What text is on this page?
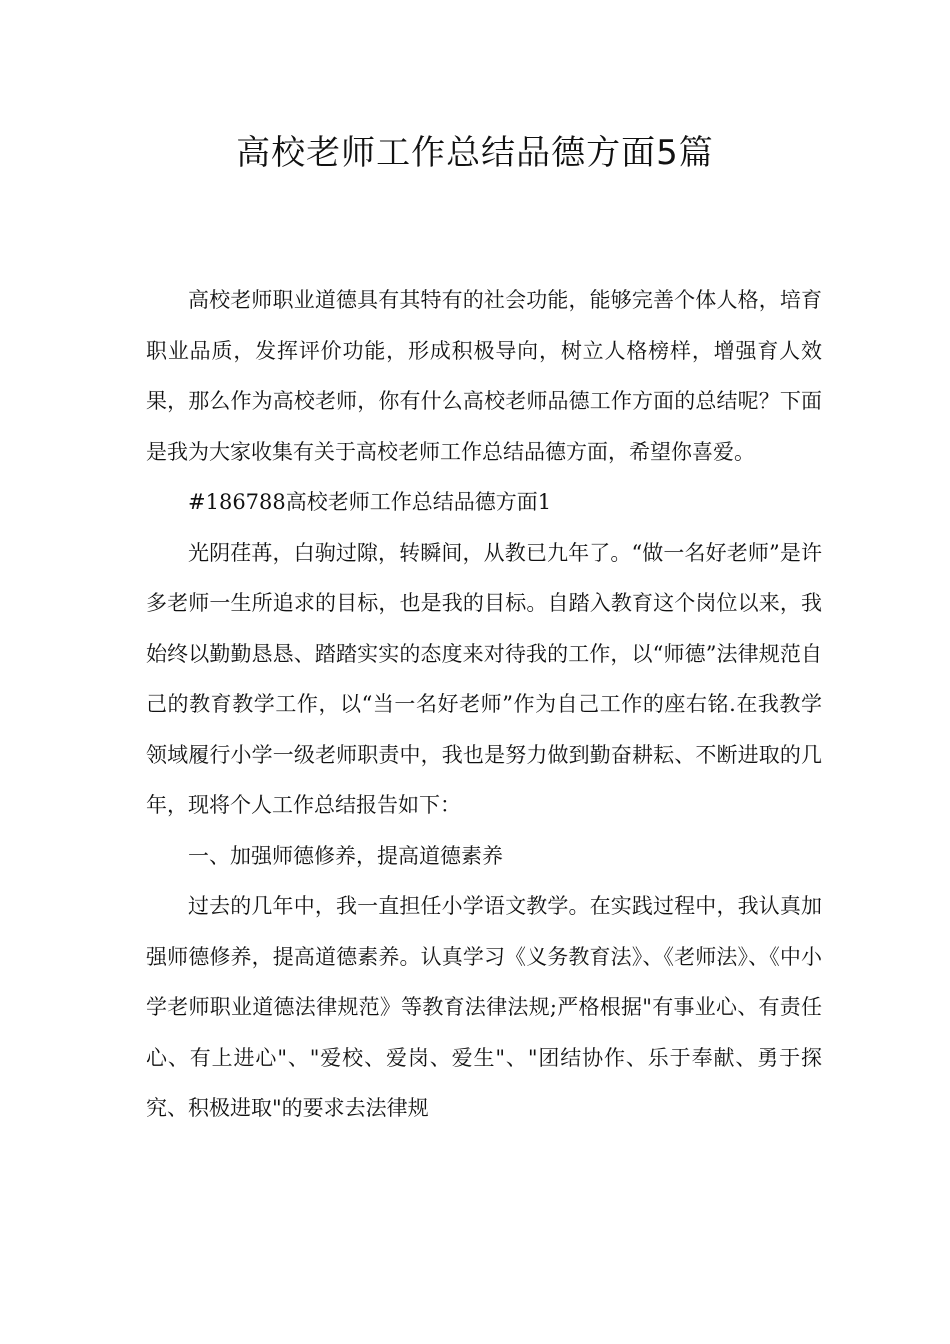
高校老师工作总结品德方面5篇

高校老师职业道德具有其特有的社会功能，能够完善个体人格，培育职业品质，发挥评价功能，形成积极导向，树立人格榜样，增强育人效果，那么作为高校老师，你有什么高校老师品德工作方面的总结呢？下面是我为大家收集有关于高校老师工作总结品德方面，希望你喜爱。

#186788高校老师工作总结品德方面1

光阴荏苒，白驹过隙，转瞬间，从教已九年了。“做一名好老师”是许多老师一生所追求的目标，也是我的目标。自踏入教育这个岗位以来，我始终以勤勤恳恳、踏踏实实的态度来对待我的工作，以“师德”法律规范自己的教育教学工作，以“当一名好老师”作为自己工作的座右铭.在我教学领域履行小学一级老师职责中，我也是努力做到勤奋耕耘、不断进取的几年，现将个人工作总结报告如下：

一、加强师德修养，提高道德素养

过去的几年中，我一直担任小学语文教学。在实践过程中，我认真加强师德修养，提高道德素养。认真学习《义务教育法》、《老师法》、《中小学老师职业道德法律规范》等教育法律法规;严格根据"有事业心、有责任心、有上进心"、"爱校、爱岗、爱生"、"团结协作、乐于奉献、勇于探究、积极进取"的要求去法律规
